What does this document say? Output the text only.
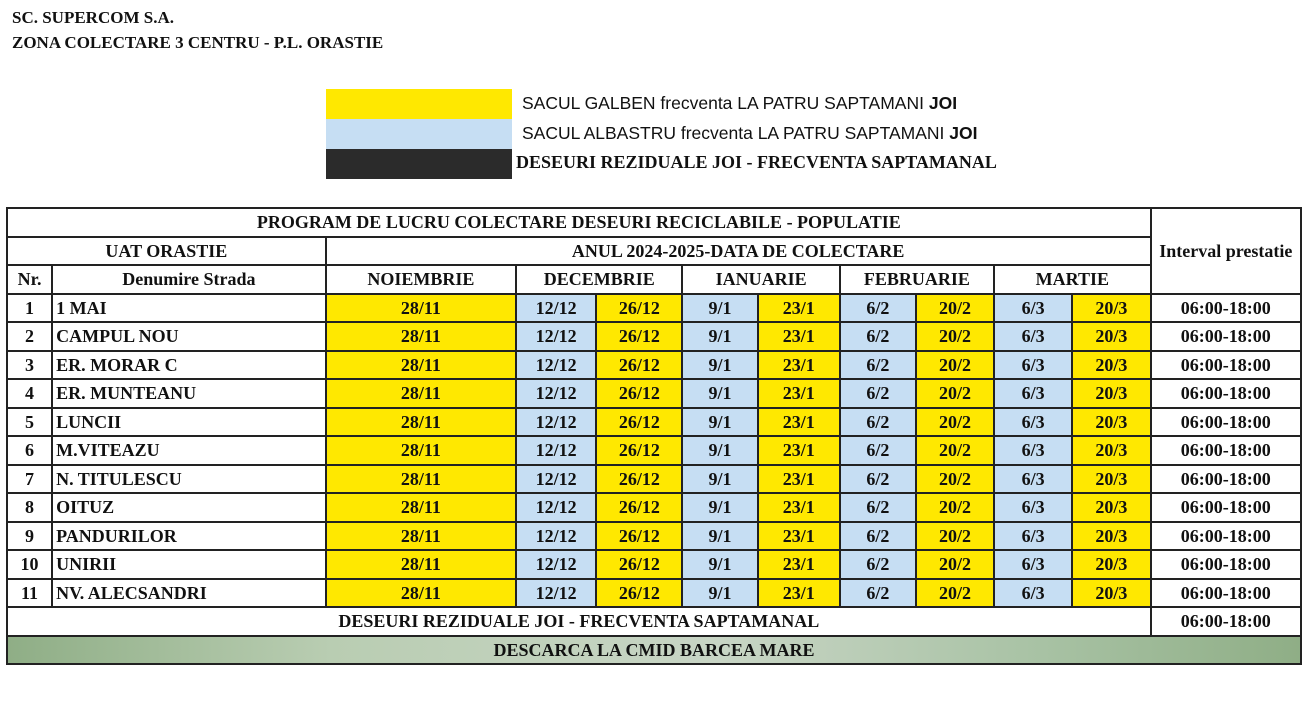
SC. SUPERCOM S.A.
ZONA COLECTARE 3 CENTRU - P.L. ORASTIE
SACUL GALBEN frecventa LA PATRU SAPTAMANI JOI
SACUL ALBASTRU frecventa LA PATRU SAPTAMANI JOI
DESEURI REZIDUALE JOI - FRECVENTA SAPTAMANAL
PROGRAM DE LUCRU COLECTARE DESEURI RECICLABILE - POPULATIE											Interval prestatie
UAT ORASTIE		ANUL 2024-2025-DATA DE COLECTARE									
Nr.	Denumire Strada	NOIEMBRIE	DECEMBRIE		IANUARIE		FEBRUARIE		MARTIE		
1	1 MAI	28/11	12/12	26/12	9/1	23/1	6/2	20/2	6/3	20/3	06:00-18:00
2	CAMPUL NOU	28/11	12/12	26/12	9/1	23/1	6/2	20/2	6/3	20/3	06:00-18:00
3	ER. MORAR C	28/11	12/12	26/12	9/1	23/1	6/2	20/2	6/3	20/3	06:00-18:00
4	ER. MUNTEANU	28/11	12/12	26/12	9/1	23/1	6/2	20/2	6/3	20/3	06:00-18:00
5	LUNCII	28/11	12/12	26/12	9/1	23/1	6/2	20/2	6/3	20/3	06:00-18:00
6	M.VITEAZU	28/11	12/12	26/12	9/1	23/1	6/2	20/2	6/3	20/3	06:00-18:00
7	N. TITULESCU	28/11	12/12	26/12	9/1	23/1	6/2	20/2	6/3	20/3	06:00-18:00
8	OITUZ	28/11	12/12	26/12	9/1	23/1	6/2	20/2	6/3	20/3	06:00-18:00
9	PANDURILOR	28/11	12/12	26/12	9/1	23/1	6/2	20/2	6/3	20/3	06:00-18:00
10	UNIRII	28/11	12/12	26/12	9/1	23/1	6/2	20/2	6/3	20/3	06:00-18:00
11	NV. ALECSANDRI	28/11	12/12	26/12	9/1	23/1	6/2	20/2	6/3	20/3	06:00-18:00
DESEURI REZIDUALE JOI - FRECVENTA SAPTAMANAL											06:00-18:00
DESCARCA LA CMID BARCEA MARE											
